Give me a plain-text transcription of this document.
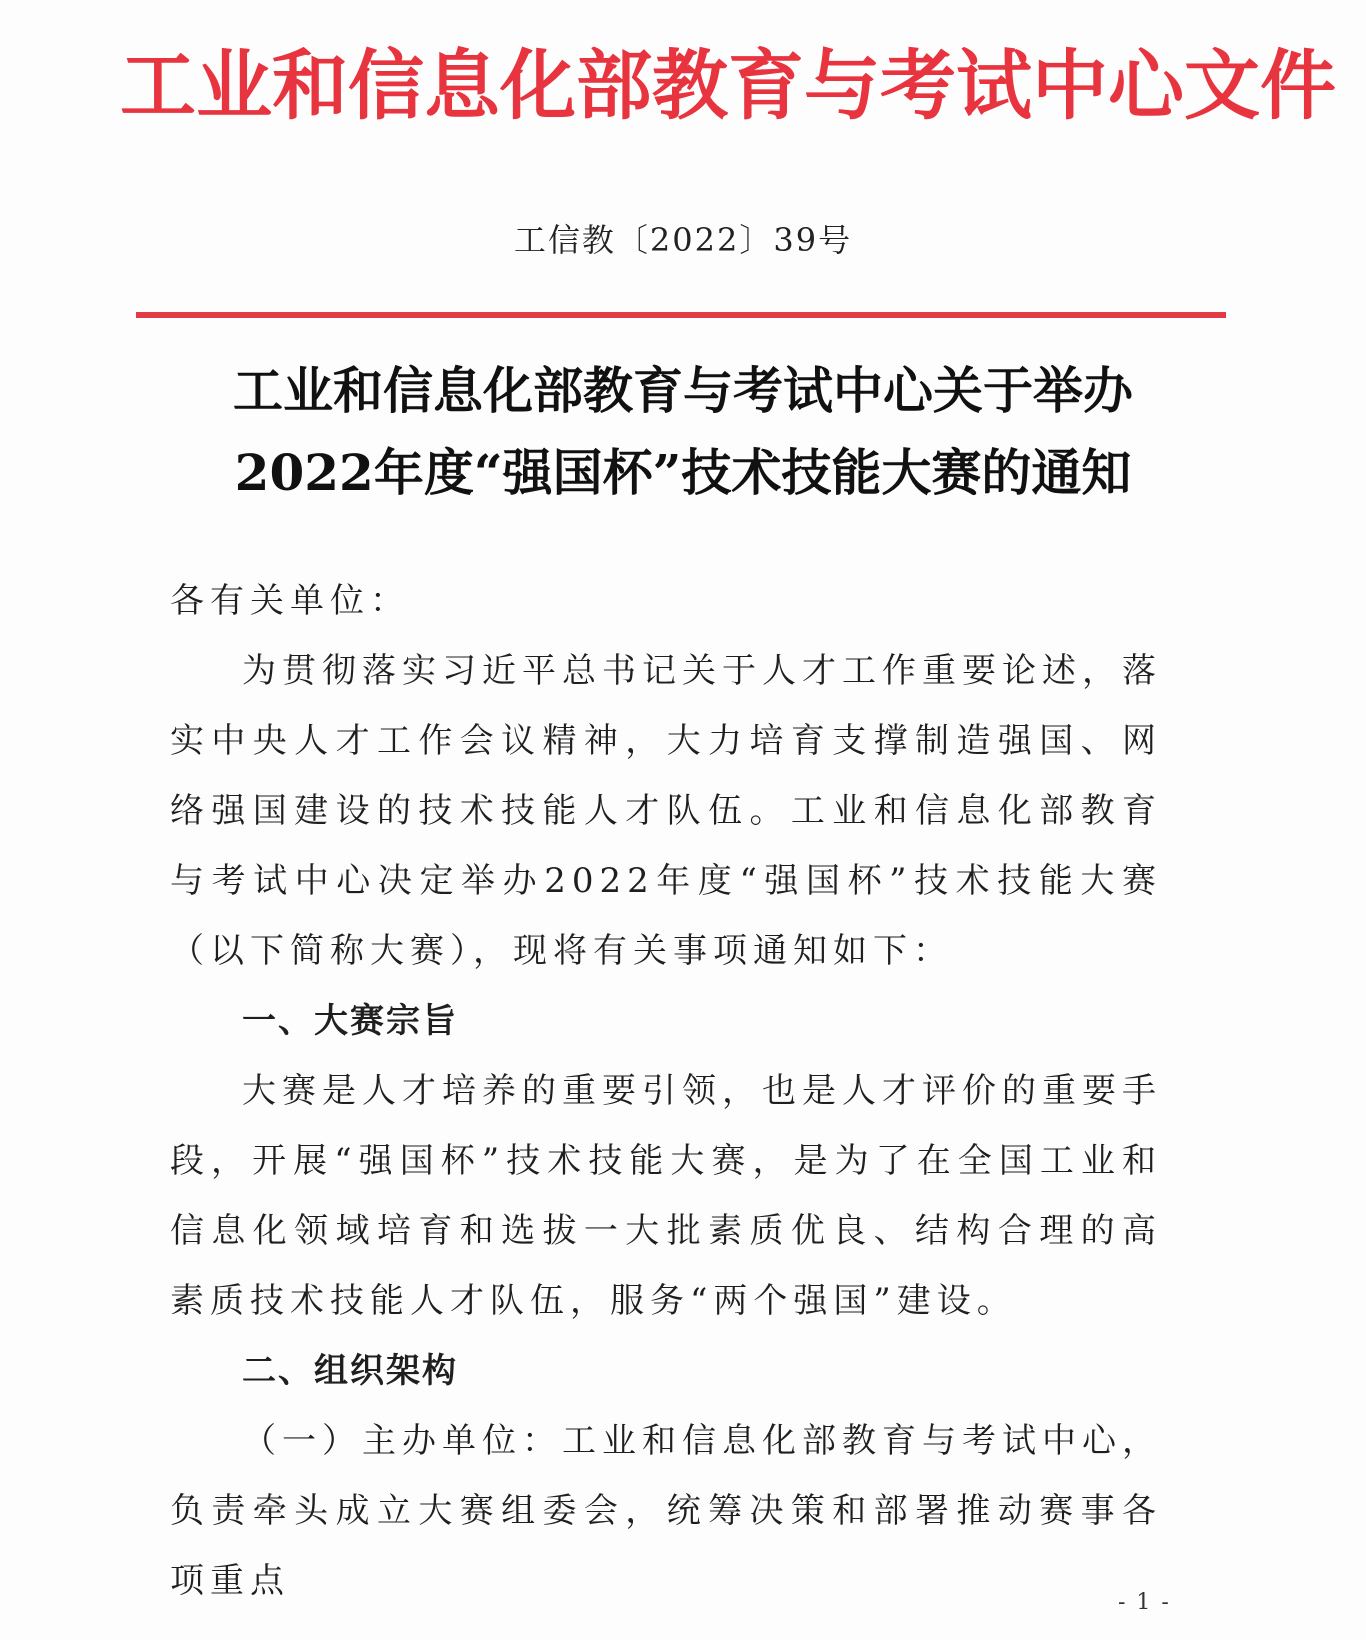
工业和信息化部教育与考试中心文件
工信教〔2022〕39号
工业和信息化部教育与考试中心关于举办
2022年度“强国杯”技术技能大赛的通知

各有关单位：

为贯彻落实习近平总书记关于人才工作重要论述，落实中央人才工作会议精神，大力培育支撑制造强国、网络强国建设的技术技能人才队伍。工业和信息化部教育与考试中心决定举办2022年度“强国杯”技术技能大赛（以下简称大赛），现将有关事项通知如下：

一、大赛宗旨

大赛是人才培养的重要引领，也是人才评价的重要手段，开展“强国杯”技术技能大赛，是为了在全国工业和信息化领域培育和选拔一大批素质优良、结构合理的高素质技术技能人才队伍，服务“两个强国”建设。

二、组织架构

（一）主办单位：工业和信息化部教育与考试中心，负责牵头成立大赛组委会，统筹决策和部署推动赛事各项重点

- 1 -
